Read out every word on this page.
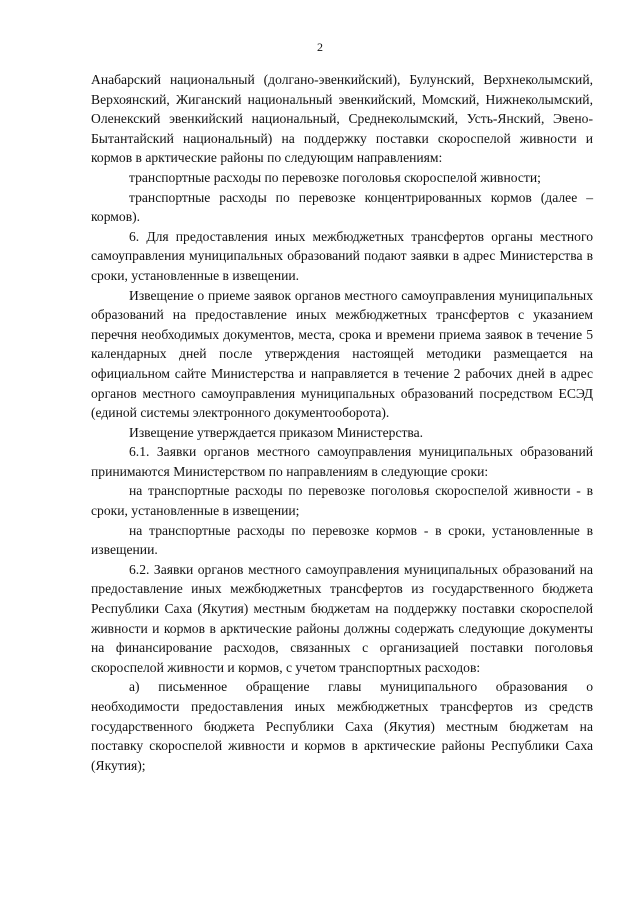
2

Анабарский национальный (долгано-эвенкийский), Булунский, Верхнеколымский, Верхоянский, Жиганский национальный эвенкийский, Момский, Нижнеколымский, Оленекский эвенкийский национальный, Среднеколымский, Усть-Янский, Эвено-Бытантайский национальный) на поддержку поставки скороспелой живности и кормов в арктические районы по следующим направлениям:

транспортные расходы по перевозке поголовья скороспелой живности;

транспортные расходы по перевозке концентрированных кормов (далее – кормов).

6. Для предоставления иных межбюджетных трансфертов органы местного самоуправления муниципальных образований подают заявки в адрес Министерства в сроки, установленные в извещении.

Извещение о приеме заявок органов местного самоуправления муниципальных образований на предоставление иных межбюджетных трансфертов с указанием перечня необходимых документов, места, срока и времени приема заявок в течение 5 календарных дней после утверждения настоящей методики размещается на официальном сайте Министерства и направляется в течение 2 рабочих дней в адрес органов местного самоуправления муниципальных образований посредством ЕСЭД (единой системы электронного документооборота).

Извещение утверждается приказом Министерства.

6.1. Заявки органов местного самоуправления муниципальных образований принимаются Министерством по направлениям в следующие сроки:

на транспортные расходы по перевозке поголовья скороспелой живности - в сроки, установленные в извещении;

на транспортные расходы по перевозке кормов - в сроки, установленные в извещении.

6.2. Заявки органов местного самоуправления муниципальных образований на предоставление иных межбюджетных трансфертов из государственного бюджета Республики Саха (Якутия) местным бюджетам на поддержку поставки скороспелой живности и кормов в арктические районы должны содержать следующие документы на финансирование расходов, связанных с организацией поставки поголовья скороспелой живности и кормов, с учетом транспортных расходов:

а) письменное обращение главы муниципального образования о необходимости предоставления иных межбюджетных трансфертов из средств государственного бюджета Республики Саха (Якутия) местным бюджетам на поставку скороспелой живности и кормов в арктические районы Республики Саха (Якутия);
